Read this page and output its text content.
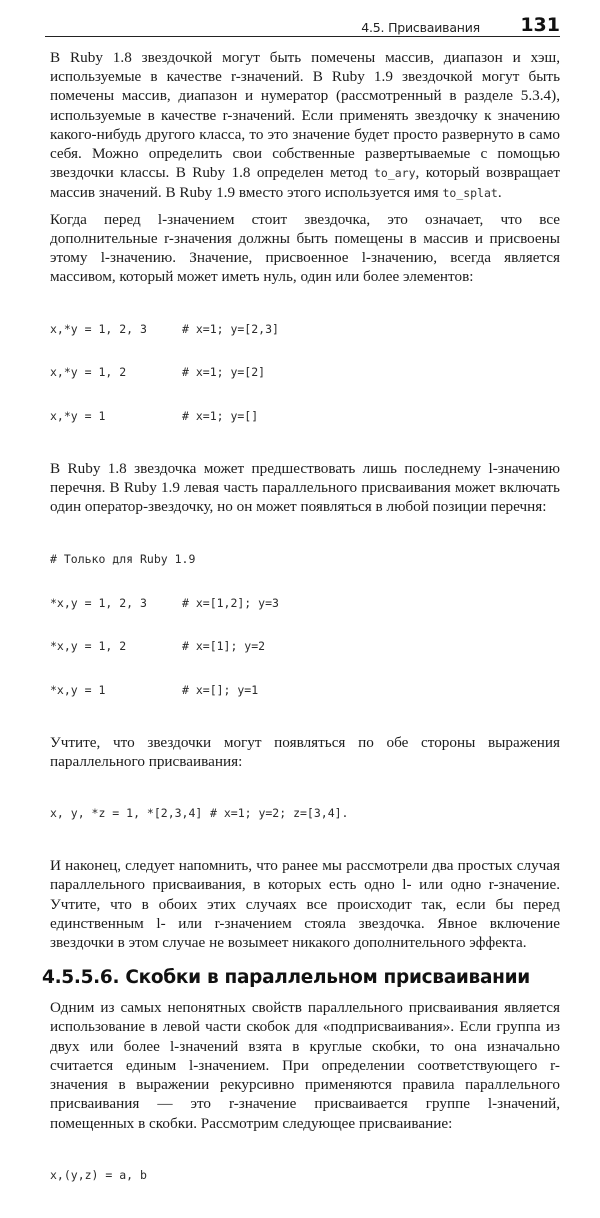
4.5. Присваивания 131

В Ruby 1.8 звездочкой могут быть помечены массив, диапазон и хэш, используемые в качестве r-значений. В Ruby 1.9 звездочкой могут быть помечены массив, диапазон и нумератор (рассмотренный в разделе 5.3.4), используемые в качестве r-значений. Если применять звездочку к значению какого-нибудь другого класса, то это значение будет просто развернуто в само себя. Можно определить свои собственные развертываемые с помощью звездочки классы. В Ruby 1.8 определен метод to_ary, который возвращает массив значений. В Ruby 1.9 вместо этого используется имя to_splat.

Когда перед l-значением стоит звездочка, это означает, что все дополнительные r-значения должны быть помещены в массив и присвоены этому l-значению. Значение, присвоенное l-значению, всегда является массивом, который может иметь нуль, один или более элементов:

x,*y = 1, 2, 3	# x=1; y=[2,3]

x,*y = 1, 2	# x=1; y=[2]

x,*y = 1	# x=1; y=[]

В Ruby 1.8 звездочка может предшествовать лишь последнему l-значению перечня. В Ruby 1.9 левая часть параллельного присваивания может включать один оператор-звездочку, но он может появляться в любой позиции перечня:

# Только для Ruby 1.9

*x,y = 1, 2, 3	# x=[1,2]; y=3

*x,y = 1, 2	# x=[1]; y=2

*x,y = 1	# x=[]; y=1

Учтите, что звездочки могут появляться по обе стороны выражения параллельного присваивания:

x, y, *z = 1, *[2,3,4] # x=1; y=2; z=[3,4].

И наконец, следует напомнить, что ранее мы рассмотрели два простых случая параллельного присваивания, в которых есть одно l- или одно r-значение. Учтите, что в обоих этих случаях все происходит так, если бы перед единственным l- или r-значением стояла звездочка. Явное включение звездочки в этом случае не возымеет никакого дополнительного эффекта.

4.5.5.6. Скобки в параллельном присваивании

Одним из самых непонятных свойств параллельного присваивания является использование в левой части скобок для «подприсваивания». Если группа из двух или более l-значений взята в круглые скобки, то она изначально считается единым l-значением. При определении соответствующего r-значения в выражении рекурсивно применяются правила параллельного присваивания — это r-значение присваивается группе l-значений, помещенных в скобки. Рассмотрим следующее присваивание:

x,(y,z) = a, b
